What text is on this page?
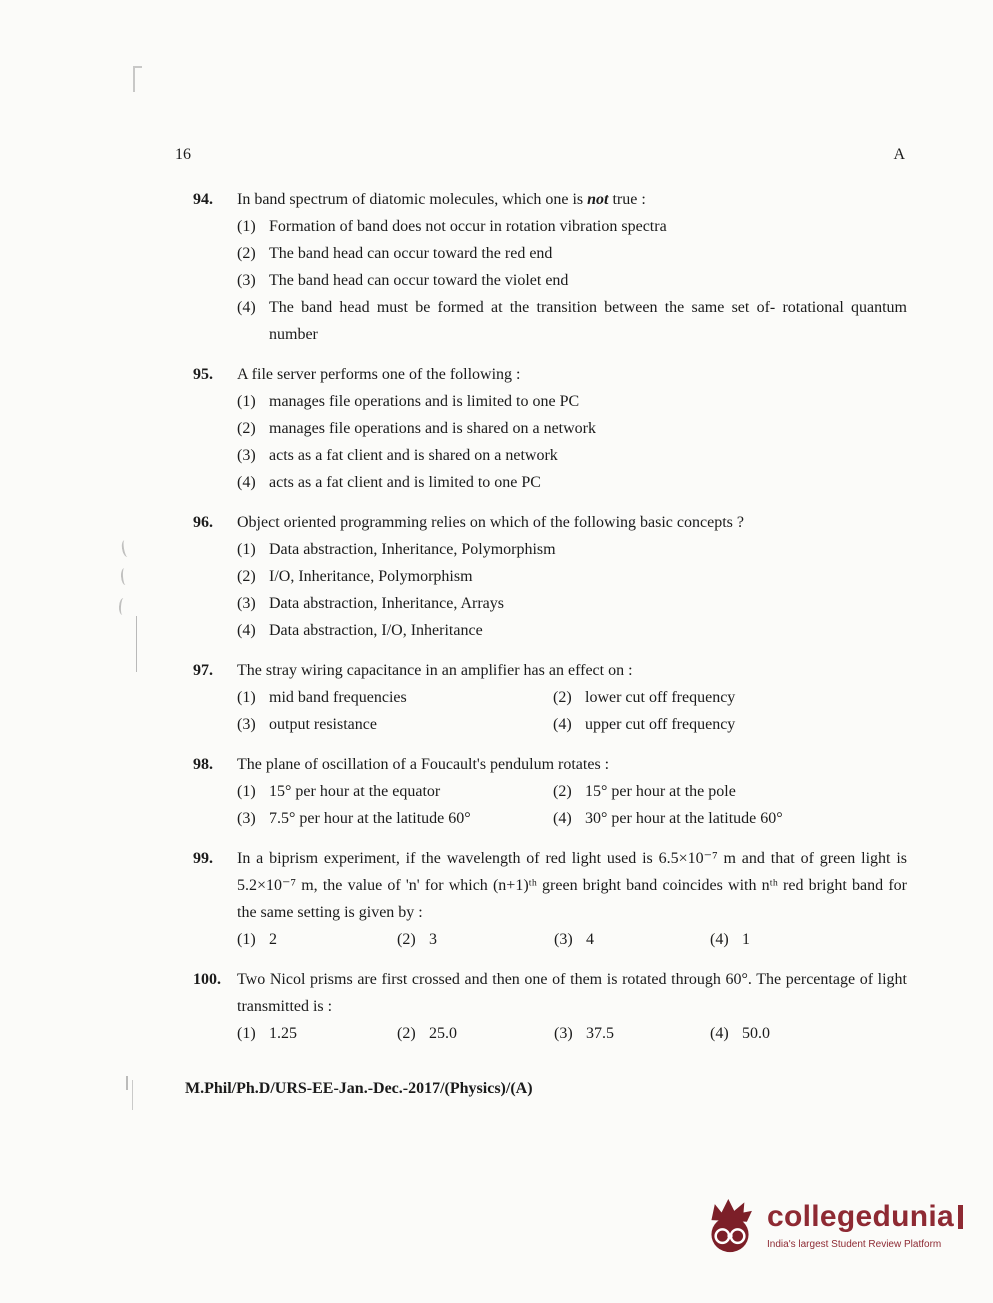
16	A
94.	In band spectrum of diatomic molecules, which one is not true :

(1) Formation of band does not occur in rotation vibration spectra
(2) The band head can occur toward the red end
(3) The band head can occur toward the violet end
(4) The band head must be formed at the transition between the same set of- rotational quantum number
95.	A file server performs one of the following :

(1) manages file operations and is limited to one PC
(2) manages file operations and is shared on a network
(3) acts as a fat client and is shared on a network
(4) acts as a fat client and is limited to one PC
96.	Object oriented programming relies on which of the following basic concepts ?

(1) Data abstraction, Inheritance, Polymorphism
(2) I/O, Inheritance, Polymorphism
(3) Data abstraction, Inheritance, Arrays
(4) Data abstraction, I/O, Inheritance
97.	The stray wiring capacitance in an amplifier has an effect on :

(1) mid band frequencies	(2) lower cut off frequency
(3) output resistance	(4) upper cut off frequency
98.	The plane of oscillation of a Foucault's pendulum rotates :

(1) 15° per hour at the equator	(2) 15° per hour at the pole
(3) 7.5° per hour at the latitude 60°	(4) 30° per hour at the latitude 60°
99.	In a biprism experiment, if the wavelength of red light used is 6.5×10⁻⁷ m and that of green light is 5.2×10⁻⁷ m, the value of 'n' for which (n+1)ᵗʰ green bright band coincides with nᵗʰ red bright band for the same setting is given by :

(1) 2	(2) 3	(3) 4	(4) 1
100.	Two Nicol prisms are first crossed and then one of them is rotated through 60°. The percentage of light transmitted is :

(1) 1.25	(2) 25.0	(3) 37.5	(4) 50.0
M.Phil/Ph.D/URS-EE-Jan.-Dec.-2017/(Physics)/(A)
collegedunia
India's largest Student Review Platform
